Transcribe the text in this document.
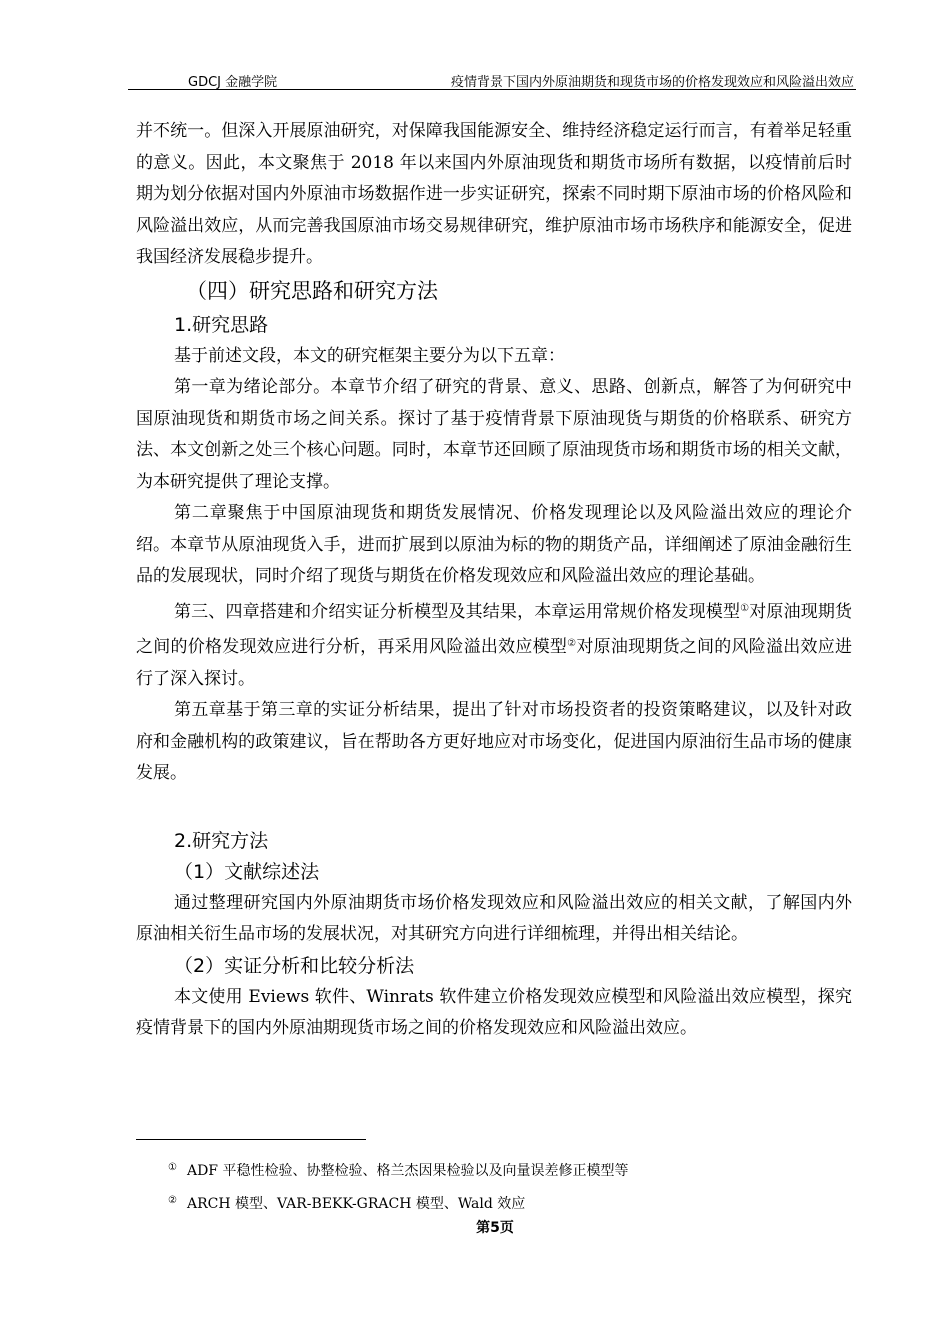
GDCJ 金融学院	疫情背景下国内外原油期货和现货市场的价格发现效应和风险溢出效应

并不统一。但深入开展原油研究，对保障我国能源安全、维持经济稳定运行而言，有着举足轻重的意义。因此，本文聚焦于 2018 年以来国内外原油现货和期货市场所有数据，以疫情前后时期为划分依据对国内外原油市场数据作进一步实证研究，探索不同时期下原油市场的价格风险和风险溢出效应，从而完善我国原油市场交易规律研究，维护原油市场市场秩序和能源安全，促进我国经济发展稳步提升。

（四）研究思路和研究方法
1.研究思路

基于前述文段，本文的研究框架主要分为以下五章：

第一章为绪论部分。本章节介绍了研究的背景、意义、思路、创新点，解答了为何研究中国原油现货和期货市场之间关系。探讨了基于疫情背景下原油现货与期货的价格联系、研究方法、本文创新之处三个核心问题。同时，本章节还回顾了原油现货市场和期货市场的相关文献，为本研究提供了理论支撑。

第二章聚焦于中国原油现货和期货发展情况、价格发现理论以及风险溢出效应的理论介绍。本章节从原油现货入手，进而扩展到以原油为标的物的期货产品，详细阐述了原油金融衍生品的发展现状，同时介绍了现货与期货在价格发现效应和风险溢出效应的理论基础。

第三、四章搭建和介绍实证分析模型及其结果，本章运用常规价格发现模型①对原油现期货之间的价格发现效应进行分析，再采用风险溢出效应模型②对原油现期货之间的风险溢出效应进行了深入探讨。

第五章基于第三章的实证分析结果，提出了针对市场投资者的投资策略建议，以及针对政府和金融机构的政策建议，旨在帮助各方更好地应对市场变化，促进国内原油衍生品市场的健康发展。

2.研究方法
（1）文献综述法

通过整理研究国内外原油期货市场价格发现效应和风险溢出效应的相关文献，了解国内外原油相关衍生品市场的发展状况，对其研究方向进行详细梳理，并得出相关结论。

（2）实证分析和比较分析法

本文使用 Eviews 软件、Winrats 软件建立价格发现效应模型和风险溢出效应模型，探究疫情背景下的国内外原油期现货市场之间的价格发现效应和风险溢出效应。

① ADF 平稳性检验、协整检验、格兰杰因果检验以及向量误差修正模型等
② ARCH 模型、VAR-BEKK-GRACH 模型、Wald 效应
第5页
